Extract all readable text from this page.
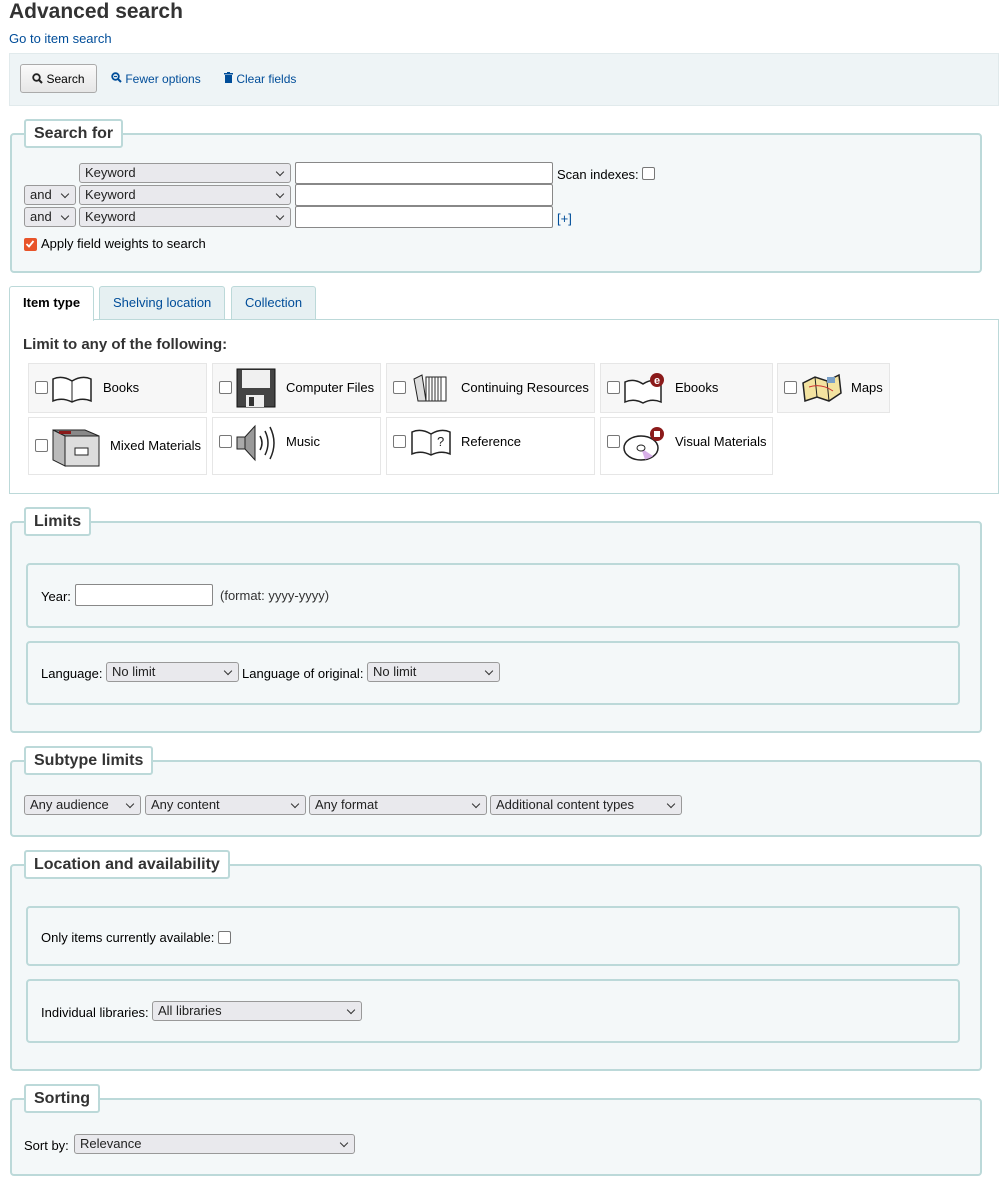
Advanced search
Go to item search
Search	Fewer options	Clear fields
Search for
Keyword	Scan indexes:
and	Keyword
and	Keyword	[+]
Apply field weights to search
Item type	Shelving location	Collection
Limit to any of the following:
Books	Computer Files	Continuing Resources	e Ebooks	Maps
Mixed Materials	Music	? Reference	Visual Materials
Year:	(format: yyyy-yyyy)
Language: No limit	Language of original: No limit
Limits
Any audience	Any content	Any format	Additional content types
Subtype limits
Only items currently available:
Individual libraries: All libraries
Location and availability
Sort by: Relevance
Sorting
